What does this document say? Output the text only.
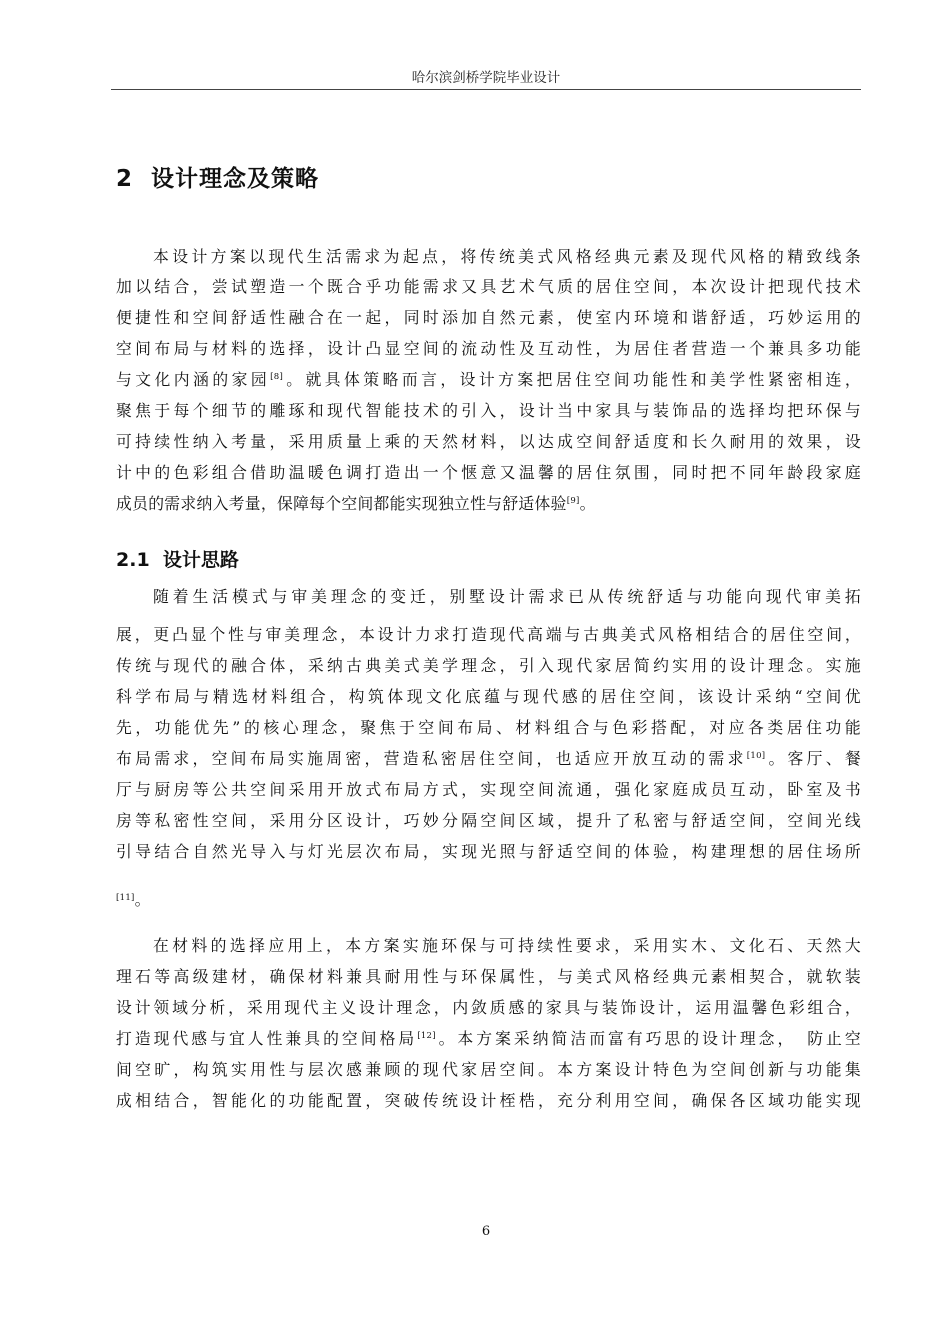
哈尔滨剑桥学院毕业设计
2 设计理念及策略
2.1 设计思路
本设计方案以现代生活需求为起点，将传统美式风格经典元素及现代风格的精致线条
加以结合，尝试塑造一个既合乎功能需求又具艺术气质的居住空间，本次设计把现代技术
便捷性和空间舒适性融合在一起，同时添加自然元素，使室内环境和谐舒适，巧妙运用的
空间布局与材料的选择，设计凸显空间的流动性及互动性，为居住者营造一个兼具多功能
与文化内涵的家园[8]。就具体策略而言，设计方案把居住空间功能性和美学性紧密相连，
聚焦于每个细节的雕琢和现代智能技术的引入，设计当中家具与装饰品的选择均把环保与
可持续性纳入考量，采用质量上乘的天然材料，以达成空间舒适度和长久耐用的效果，设
计中的色彩组合借助温暖色调打造出一个惬意又温馨的居住氛围，同时把不同年龄段家庭
成员的需求纳入考量，保障每个空间都能实现独立性与舒适体验[9]。
随着生活模式与审美理念的变迁，别墅设计需求已从传统舒适与功能向现代审美拓
展，更凸显个性与审美理念，本设计力求打造现代高端与古典美式风格相结合的居住空间，
传统与现代的融合体，采纳古典美式美学理念，引入现代家居简约实用的设计理念。实施
科学布局与精选材料组合，构筑体现文化底蕴与现代感的居住空间，该设计采纳“空间优
先，功能优先”的核心理念，聚焦于空间布局、材料组合与色彩搭配，对应各类居住功能
布局需求，空间布局实施周密，营造私密居住空间，也适应开放互动的需求[10]。客厅、餐
厅与厨房等公共空间采用开放式布局方式，实现空间流通，强化家庭成员互动，卧室及书
房等私密性空间，采用分区设计，巧妙分隔空间区域，提升了私密与舒适空间，空间光线
引导结合自然光导入与灯光层次布局，实现光照与舒适空间的体验，构建理想的居住场所
[11]。
在材料的选择应用上，本方案实施环保与可持续性要求，采用实木、文化石、天然大
理石等高级建材，确保材料兼具耐用性与环保属性，与美式风格经典元素相契合，就软装
设计领域分析，采用现代主义设计理念，内敛质感的家具与装饰设计，运用温馨色彩组合，
打造现代感与宜人性兼具的空间格局[12]。本方案采纳简洁而富有巧思的设计理念，　防止空
间空旷，构筑实用性与层次感兼顾的现代家居空间。本方案设计特色为空间创新与功能集
成相结合，智能化的功能配置，突破传统设计桎梏，充分利用空间，确保各区域功能实现
6
